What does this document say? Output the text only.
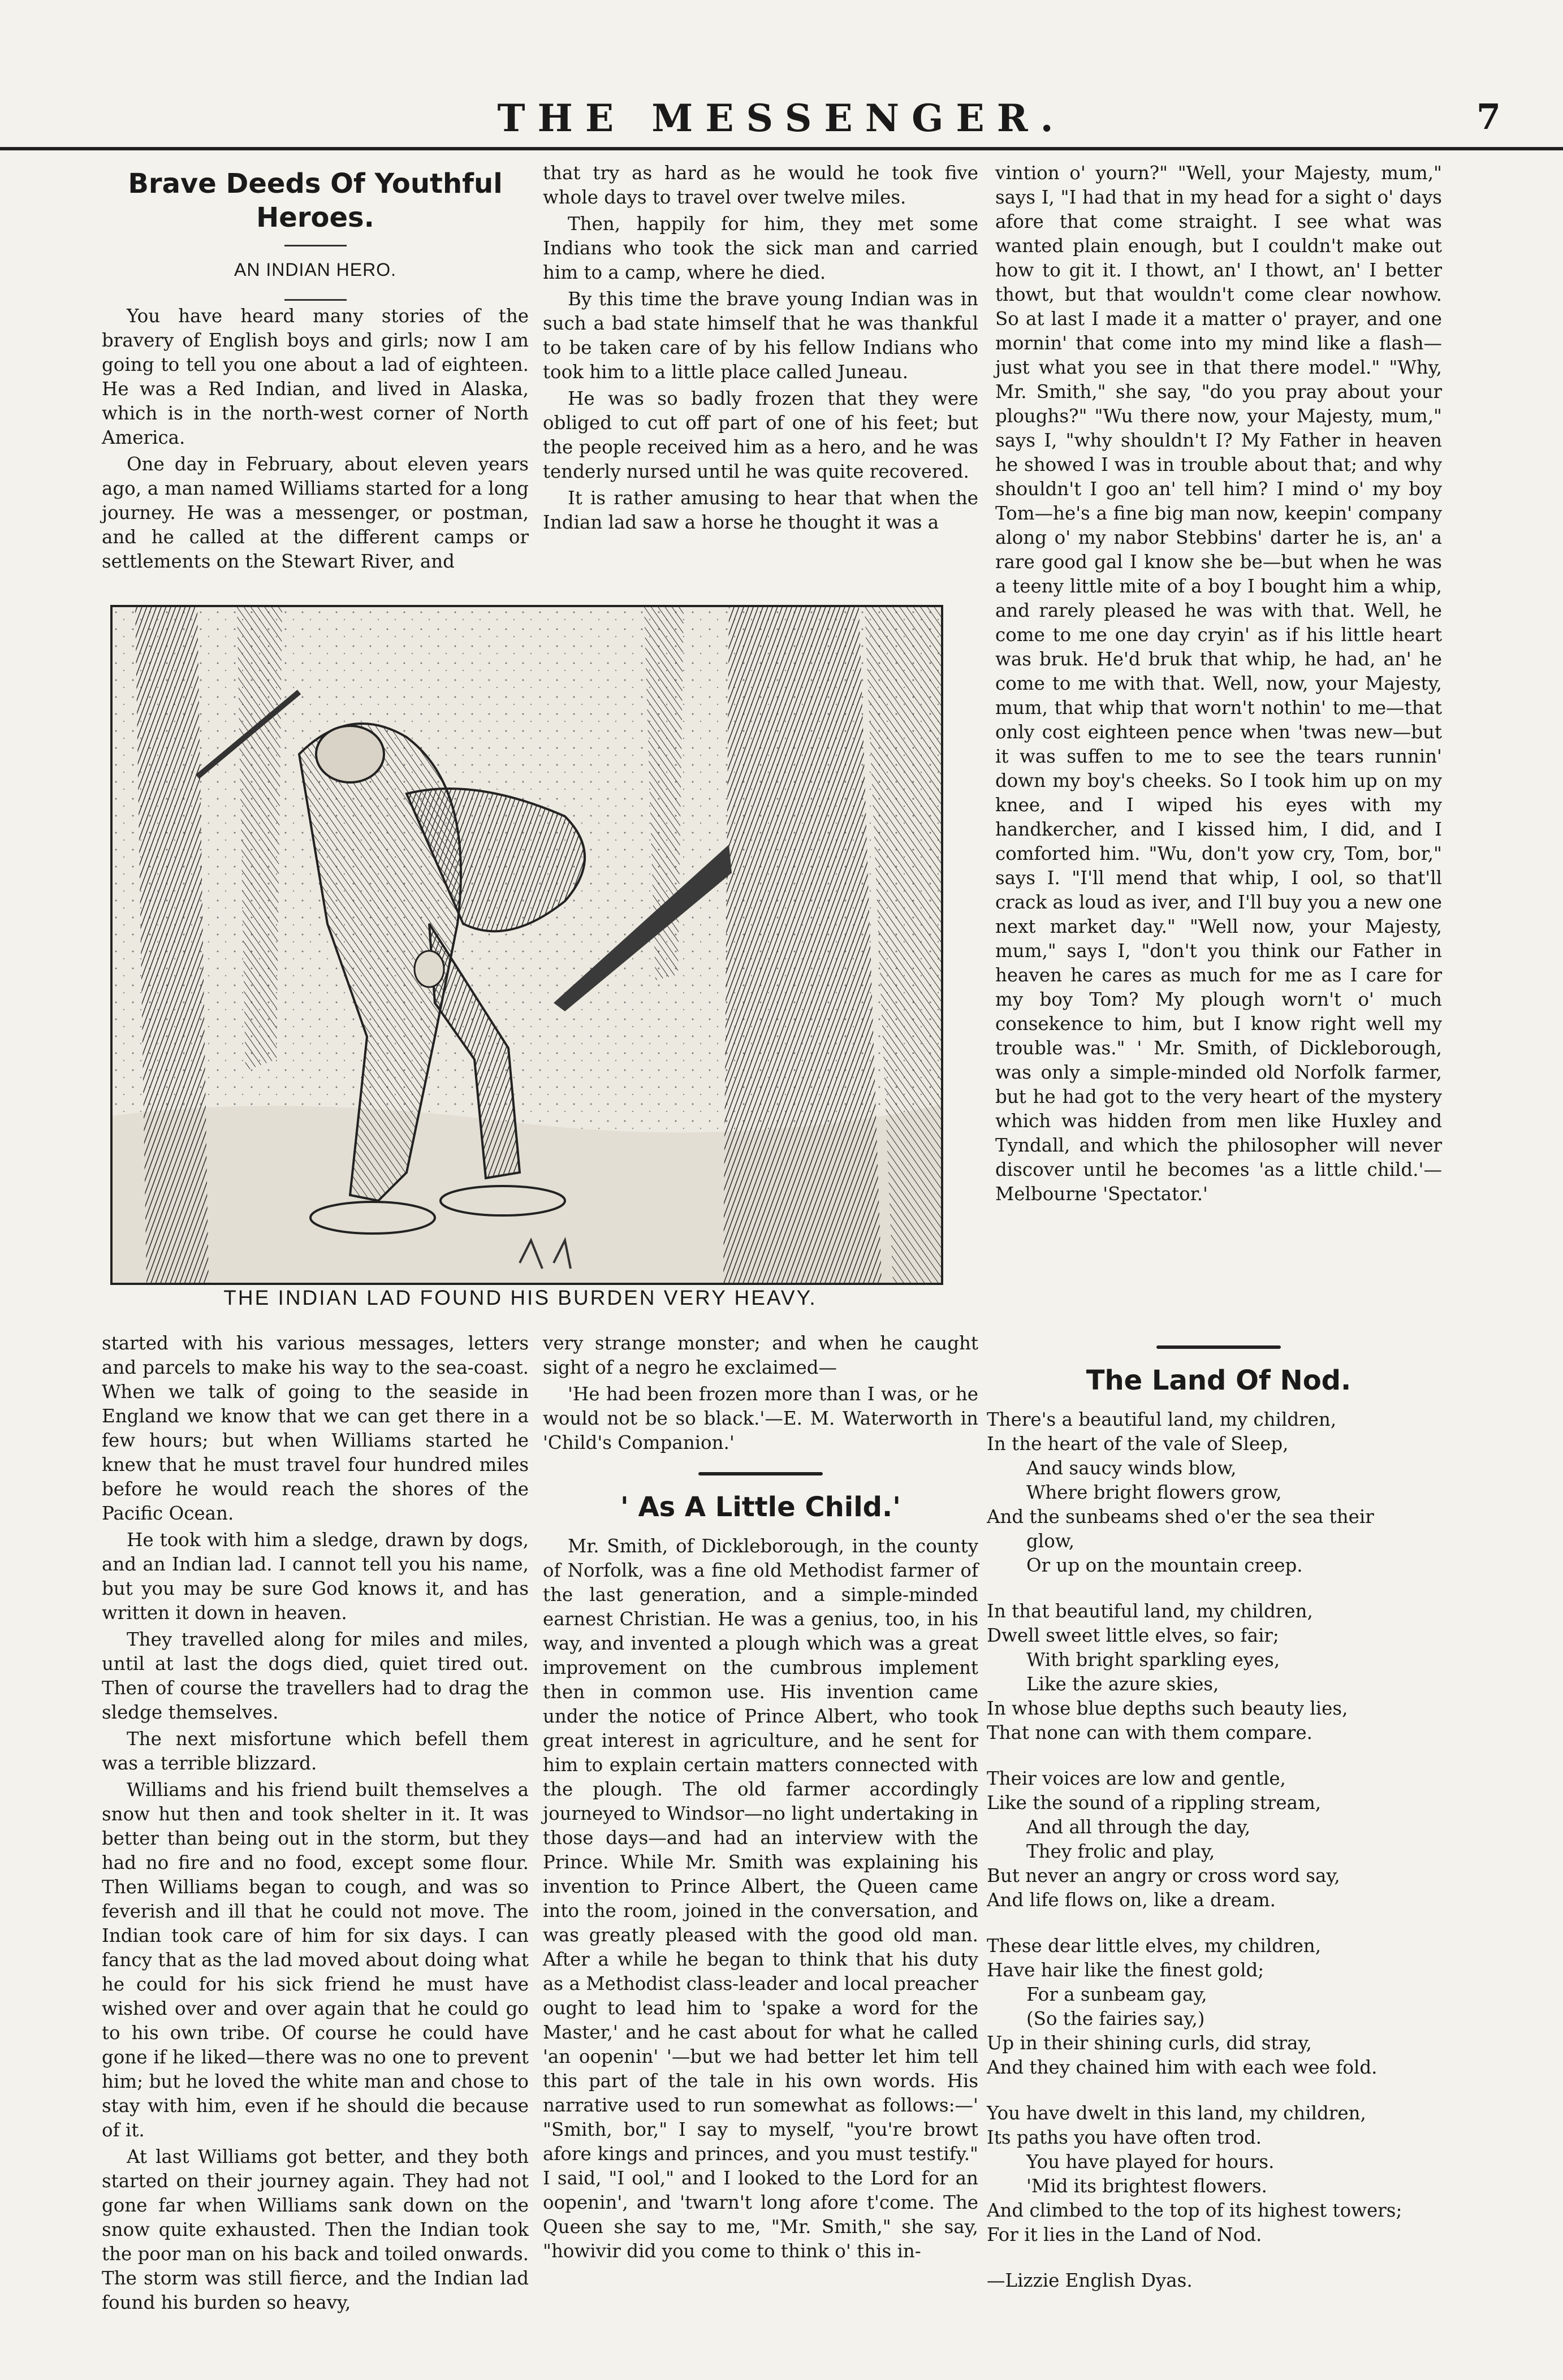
THE MESSENGER.	7
Brave Deeds Of Youthful Heroes.
AN INDIAN HERO.

You have heard many stories of the bravery of English boys and girls; now I am going to tell you one about a lad of eighteen. He was a Red Indian, and lived in Alaska, which is in the north-west corner of North America.

One day in February, about eleven years ago, a man named Williams started for a long journey. He was a messenger, or postman, and he called at the different camps or settlements on the Stewart River, and

that try as hard as he would he took five whole days to travel over twelve miles.

Then, happily for him, they met some Indians who took the sick man and carried him to a camp, where he died.

By this time the brave young Indian was in such a bad state himself that he was thankful to be taken care of by his fellow Indians who took him to a little place called Juneau.

He was so badly frozen that they were obliged to cut off part of one of his feet; but the people received him as a hero, and he was tenderly nursed until he was quite recovered.

It is rather amusing to hear that when the Indian lad saw a horse he thought it was a

vintion o' yourn?" "Well, your Majesty, mum," says I, "I had that in my head for a sight o' days afore that come straight. I see what was wanted plain enough, but I couldn't make out how to git it. I thowt, an' I thowt, an' I better thowt, but that wouldn't come clear nowhow. So at last I made it a matter o' prayer, and one mornin' that come into my mind like a flash—just what you see in that there model." "Why, Mr. Smith," she say, "do you pray about your ploughs?" "Wu there now, your Majesty, mum," says I, "why shouldn't I? My Father in heaven he showed I was in trouble about that; and why shouldn't I goo an' tell him? I mind o' my boy Tom—he's a fine big man now, keepin' company along o' my nabor Stebbins' darter he is, an' a rare good gal I know she be—but when he was a teeny little mite of a boy I bought him a whip, and rarely pleased he was with that. Well, he come to me one day cryin' as if his little heart was bruk. He'd bruk that whip, he had, an' he come to me with that. Well, now, your Majesty, mum, that whip that worn't nothin' to me—that only cost eighteen pence when 'twas new—but it was suffen to me to see the tears runnin' down my boy's cheeks. So I took him up on my knee, and I wiped his eyes with my handkercher, and I kissed him, I did, and I comforted him. "Wu, don't yow cry, Tom, bor," says I. "I'll mend that whip, I ool, so that'll crack as loud as iver, and I'll buy you a new one next market day." "Well now, your Majesty, mum," says I, "don't you think our Father in heaven he cares as much for me as I care for my boy Tom? My plough worn't o' much consekence to him, but I know right well my trouble was." ' Mr. Smith, of Dickleborough, was only a simple-minded old Norfolk farmer, but he had got to the very heart of the mystery which was hidden from men like Huxley and Tyndall, and which the philosopher will never discover until he becomes 'as a little child.'—Melbourne 'Spectator.'

THE INDIAN LAD FOUND HIS BURDEN VERY HEAVY.

started with his various messages, letters and parcels to make his way to the sea-coast. When we talk of going to the seaside in England we know that we can get there in a few hours; but when Williams started he knew that he must travel four hundred miles before he would reach the shores of the Pacific Ocean.

He took with him a sledge, drawn by dogs, and an Indian lad. I cannot tell you his name, but you may be sure God knows it, and has written it down in heaven.

They travelled along for miles and miles, until at last the dogs died, quiet tired out. Then of course the travellers had to drag the sledge themselves.

The next misfortune which befell them was a terrible blizzard.

Williams and his friend built themselves a snow hut then and took shelter in it. It was better than being out in the storm, but they had no fire and no food, except some flour. Then Williams began to cough, and was so feverish and ill that he could not move. The Indian took care of him for six days. I can fancy that as the lad moved about doing what he could for his sick friend he must have wished over and over again that he could go to his own tribe. Of course he could have gone if he liked—there was no one to prevent him; but he loved the white man and chose to stay with him, even if he should die because of it.

At last Williams got better, and they both started on their journey again. They had not gone far when Williams sank down on the snow quite exhausted. Then the Indian took the poor man on his back and toiled onwards. The storm was still fierce, and the Indian lad found his burden so heavy,

very strange monster; and when he caught sight of a negro he exclaimed—

'He had been frozen more than I was, or he would not be so black.'—E. M. Waterworth in 'Child's Companion.'

' As A Little Child.'

Mr. Smith, of Dickleborough, in the county of Norfolk, was a fine old Methodist farmer of the last generation, and a simple-minded earnest Christian. He was a genius, too, in his way, and invented a plough which was a great improvement on the cumbrous implement then in common use. His invention came under the notice of Prince Albert, who took great interest in agriculture, and he sent for him to explain certain matters connected with the plough. The old farmer accordingly journeyed to Windsor—no light undertaking in those days—and had an interview with the Prince. While Mr. Smith was explaining his invention to Prince Albert, the Queen came into the room, joined in the conversation, and was greatly pleased with the good old man. After a while he began to think that his duty as a Methodist class-leader and local preacher ought to lead him to 'spake a word for the Master,' and he cast about for what he called 'an oopenin' '—but we had better let him tell this part of the tale in his own words. His narrative used to run somewhat as follows:—' "Smith, bor," I say to myself, "you're browt afore kings and princes, and you must testify." I said, "I ool," and I looked to the Lord for an oopenin', and 'twarn't long afore t'come. The Queen she say to me, "Mr. Smith," she say, "howivir did you come to think o' this in-

The Land Of Nod.
There's a beautiful land, my children,
In the heart of the vale of Sleep,
And saucy winds blow,
Where bright flowers grow,
And the sunbeams shed o'er the sea their
glow,
Or up on the mountain creep.
In that beautiful land, my children,
Dwell sweet little elves, so fair;
With bright sparkling eyes,
Like the azure skies,
In whose blue depths such beauty lies,
That none can with them compare.
Their voices are low and gentle,
Like the sound of a rippling stream,
And all through the day,
They frolic and play,
But never an angry or cross word say,
And life flows on, like a dream.
These dear little elves, my children,
Have hair like the finest gold;
For a sunbeam gay,
(So the fairies say,)
Up in their shining curls, did stray,
And they chained him with each wee fold.
You have dwelt in this land, my children,
Its paths you have often trod.
You have played for hours.
'Mid its brightest flowers.
And climbed to the top of its highest towers;
For it lies in the Land of Nod.
—Lizzie English Dyas.
